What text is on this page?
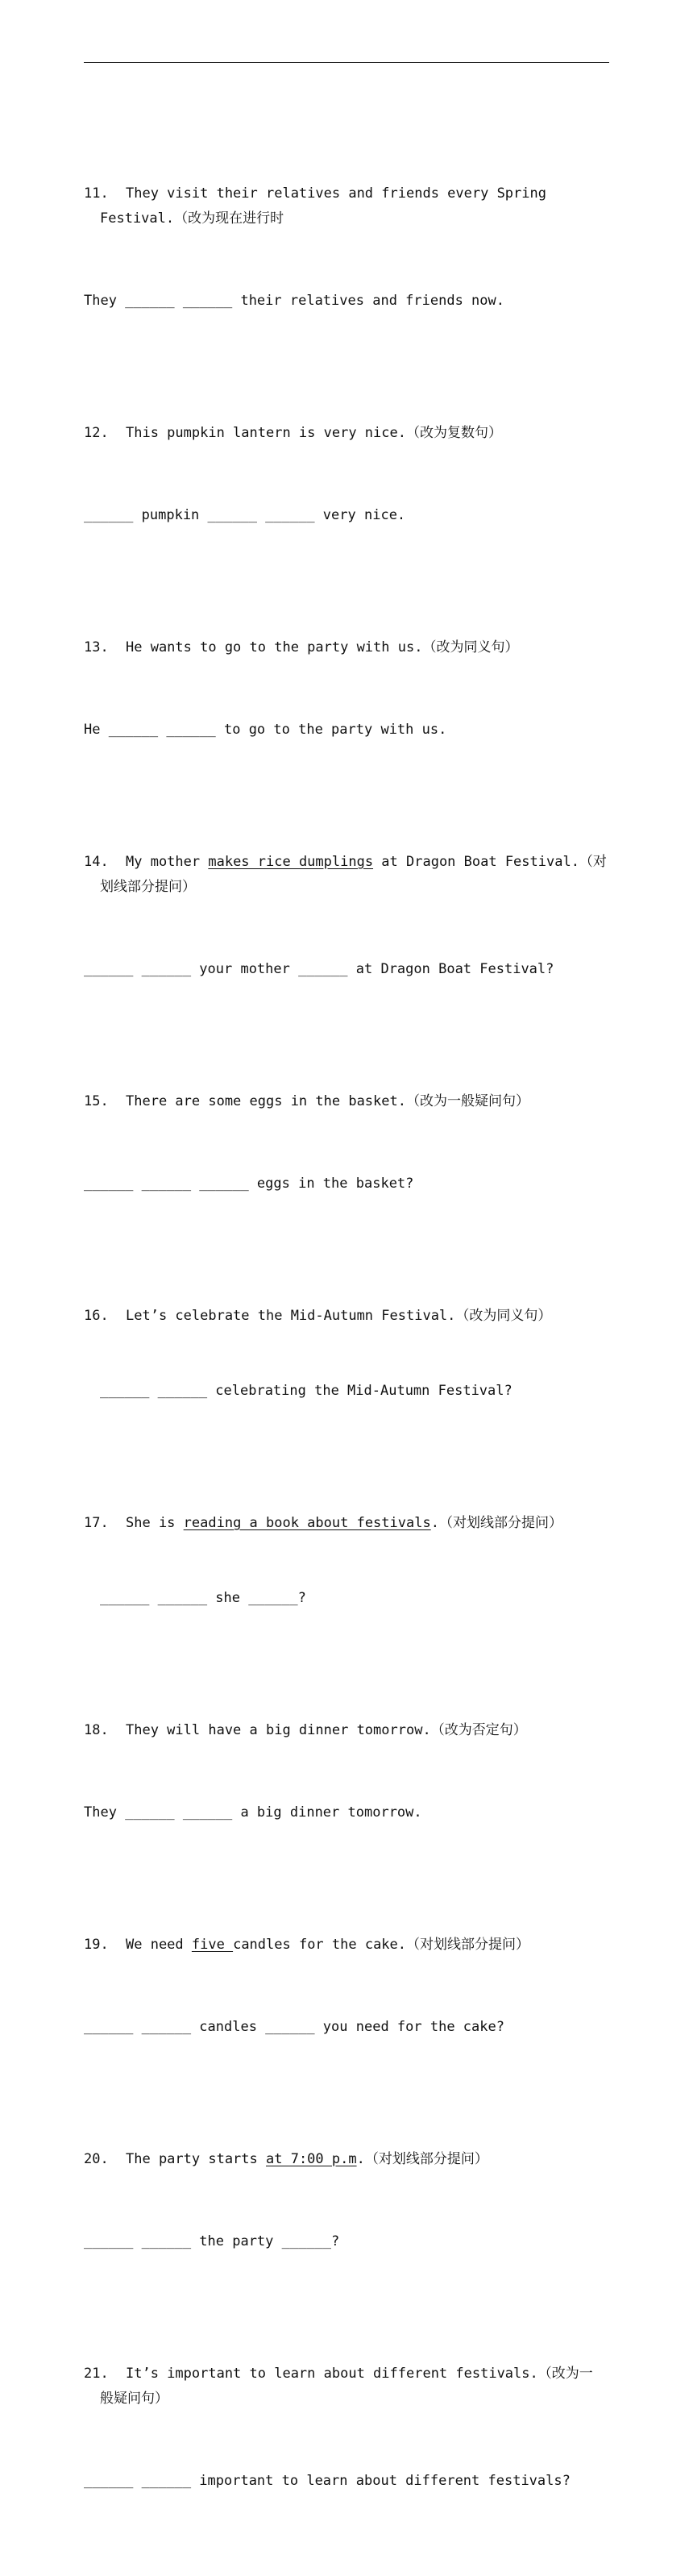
11. They visit their relatives and friends every Spring
Festival.（改为现在进行时

They ______ ______ their relatives and friends now.

12. This pumpkin lantern is very nice.（改为复数句）

______ pumpkin ______ ______ very nice.

13. He wants to go to the party with us.（改为同义句）

He ______ ______ to go to the party with us.

14. My mother makes rice dumplings at Dragon Boat Festival.（对
划线部分提问）

______ ______ your mother ______ at Dragon Boat Festival?

15. There are some eggs in the basket.（改为一般疑问句）

______ ______ ______ eggs in the basket?

16. Let’s celebrate the Mid-Autumn Festival.（改为同义句）

______ ______ celebrating the Mid-Autumn Festival?

17. She is reading a book about festivals.（对划线部分提问）

______ ______ she ______?

18. They will have a big dinner tomorrow.（改为否定句）

They ______ ______ a big dinner tomorrow.

19. We need five candles for the cake.（对划线部分提问）

______ ______ candles ______ you need for the cake?

20. The party starts at 7:00 p.m.（对划线部分提问）

______ ______ the party ______?

21. It’s important to learn about different festivals.（改为一
般疑问句）

______ ______ important to learn about different festivals?
